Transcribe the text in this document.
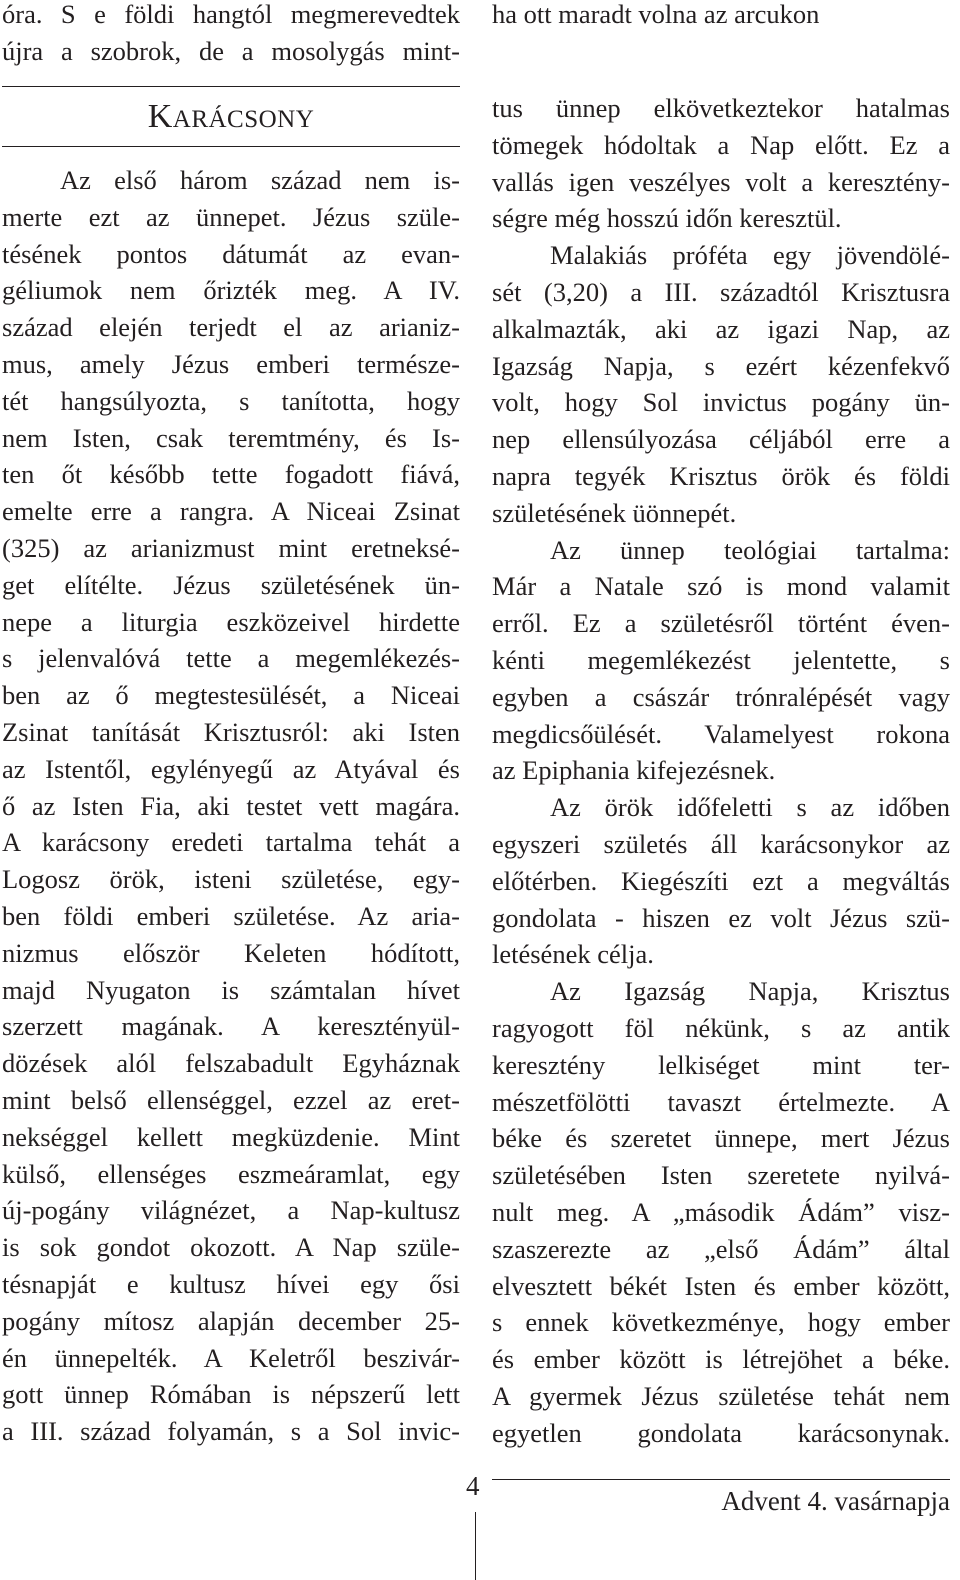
óra. S e földi hangtól megmerevedtek
újra a szobrok, de a mosolygás mint-
KARÁCSONY
Az első három század nem is-
merte ezt az ünnepet. Jézus szüle-
tésének pontos dátumát az evan-
géliumok nem őrizték meg. A IV.
század elején terjedt el az arianiz-
mus, amely Jézus emberi természe-
tét hangsúlyozta, s tanította, hogy
nem Isten, csak teremtmény, és Is-
ten őt később tette fogadott fiává,
emelte erre a rangra. A Niceai Zsinat
(325) az arianizmust mint eretneksé-
get elítélte. Jézus születésének ün-
nepe a liturgia eszközeivel hirdette
s jelenvalóvá tette a megemlékezés-
ben az ő megtestesülését, a Niceai
Zsinat tanítását Krisztusról: aki Isten
az Istentől, egylényegű az Atyával és
ő az Isten Fia, aki testet vett magára.
A karácsony eredeti tartalma tehát a
Logosz örök, isteni születése, egy-
ben földi emberi születése. Az aria-
nizmus először Keleten hódított,
majd Nyugaton is számtalan hívet
szerzett magának. A keresztényül-
dözések alól felszabadult Egyháznak
mint belső ellenséggel, ezzel az eret-
nekséggel kellett megküzdenie. Mint
külső, ellenséges eszmeáramlat, egy
új-pogány világnézet, a Nap-kultusz
is sok gondot okozott. A Nap szüle-
tésnapját e kultusz hívei egy ősi
pogány mítosz alapján december 25-
én ünnepelték. A Keletről beszivár-
gott ünnep Rómában is népszerű lett
a III. század folyamán, s a Sol invic-
ha ott maradt volna az arcukon
tus ünnep elkövetkeztekor hatalmas
tömegek hódoltak a Nap előtt. Ez a
vallás igen veszélyes volt a keresztény-
ségre még hosszú időn keresztül.
Malakiás próféta egy jövendölé-
sét (3,20) a III. századtól Krisztusra
alkalmazták, aki az igazi Nap, az
Igazság Napja, s ezért kézenfekvő
volt, hogy Sol invictus pogány ün-
nep ellensúlyozása céljából erre a
napra tegyék Krisztus örök és földi
születésének üönnepét.
Az ünnep teológiai tartalma:
Már a Natale szó is mond valamit
erről. Ez a születésről történt éven-
kénti megemlékezést jelentette, s
egyben a császár trónralépését vagy
megdicsőülését. Valamelyest rokona
az Epiphania kifejezésnek.
Az örök időfeletti s az időben
egyszeri születés áll karácsonykor az
előtérben. Kiegészíti ezt a megváltás
gondolata - hiszen ez volt Jézus szü-
letésének célja.
Az Igazság Napja, Krisztus
ragyogott föl nékünk, s az antik
keresztény lelkiséget mint ter-
mészetfölötti tavaszt értelmezte. A
béke és szeretet ünnepe, mert Jézus
születésében Isten szeretete nyilvá-
nult meg. A „második Ádám” visz-
szaszerezte az „első Ádám” által
elvesztett békét Isten és ember között,
s ennek következménye, hogy ember
és ember között is létrejöhet a béke.
A gyermek Jézus születése tehát nem
egyetlen gondolata karácsonynak.
4	Advent 4. vasárnapja
